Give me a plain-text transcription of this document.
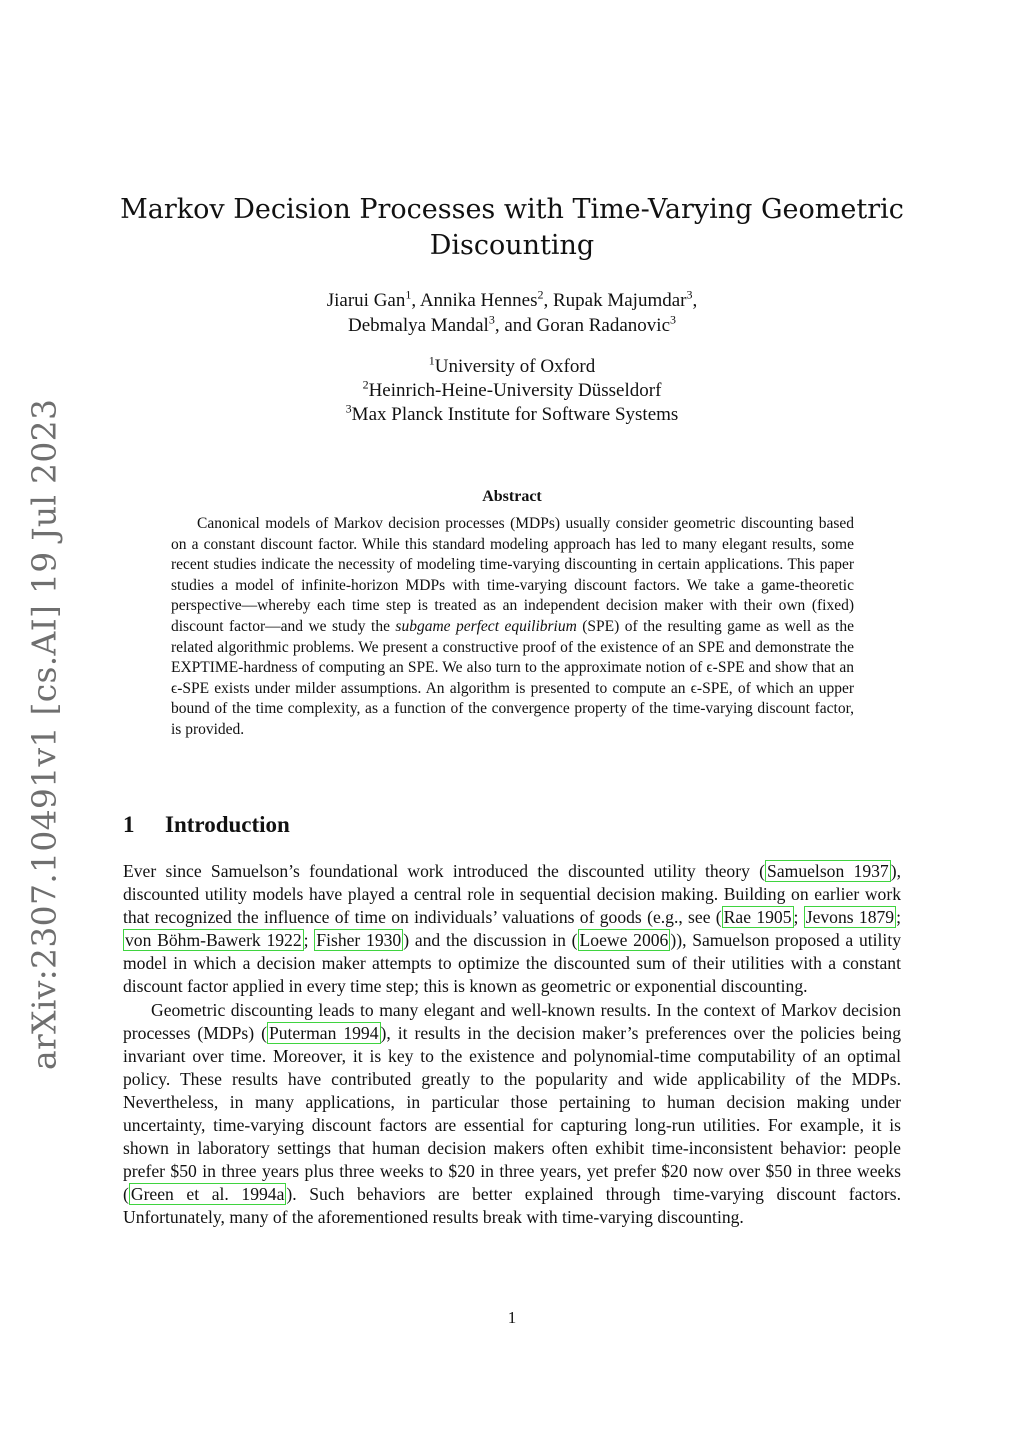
arXiv:2307.10491v1 [cs.AI] 19 Jul 2023
Markov Decision Processes with Time-Varying Geometric Discounting
Jiarui Gan$^1$, Annika Hennes$^2$, Rupak Majumdar$^3$,
Debmalya Mandal$^3$, and Goran Radanovic$^3$
$^1$University of Oxford
$^2$Heinrich-Heine-University Düsseldorf
$^3$Max Planck Institute for Software Systems
Abstract
Canonical models of Markov decision processes (MDPs) usually consider geometric discounting based on a constant discount factor. While this standard modeling approach has led to many elegant results, some recent studies indicate the necessity of modeling time-varying discounting in certain applications. This paper studies a model of infinite-horizon MDPs with time-varying discount factors. We take a game-theoretic perspective—whereby each time step is treated as an independent decision maker with their own (fixed) discount factor—and we study the subgame perfect equilibrium (SPE) of the resulting game as well as the related algorithmic problems. We present a constructive proof of the existence of an SPE and demonstrate the EXPTIME-hardness of computing an SPE. We also turn to the approximate notion of ϵ-SPE and show that an ϵ-SPE exists under milder assumptions. An algorithm is presented to compute an ϵ-SPE, of which an upper bound of the time complexity, as a function of the convergence property of the time-varying discount factor, is provided.
1 Introduction

Ever since Samuelson’s foundational work introduced the discounted utility theory ( Samuelson 1937 ), discounted utility models have played a central role in sequential decision making. Building on earlier work that recognized the influence of time on individuals’ valuations of goods (e.g., see ( Rae 1905 ; Jevons 1879 ; von Böhm-Bawerk 1922 ; Fisher 1930 ) and the discussion in ( Loewe 2006 )), Samuelson proposed a utility model in which a decision maker attempts to optimize the discounted sum of their utilities with a constant discount factor applied in every time step; this is known as geometric or exponential discounting.

Geometric discounting leads to many elegant and well-known results. In the context of Markov decision processes (MDPs) ( Puterman 1994 ), it results in the decision maker’s preferences over the policies being invariant over time. Moreover, it is key to the existence and polynomial-time computability of an optimal policy. These results have contributed greatly to the popularity and wide applicability of the MDPs. Nevertheless, in many applications, in particular those pertaining to human decision making under uncertainty, time-varying discount factors are essential for capturing long-run utilities. For example, it is shown in laboratory settings that human decision makers often exhibit time-inconsistent behavior: people prefer $50 in three years plus three weeks to $20 in three years, yet prefer $20 now over $50 in three weeks ( Green et al. 1994a ). Such behaviors are better explained through time-varying discount factors. Unfortunately, many of the aforementioned results break with time-varying discounting.

1
